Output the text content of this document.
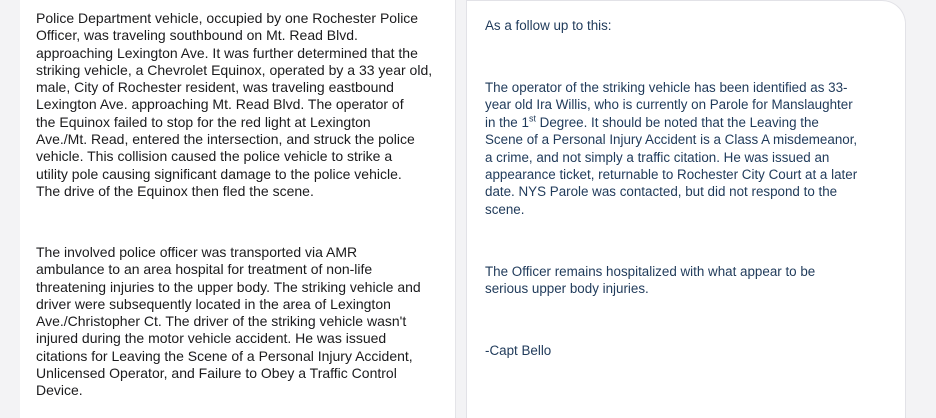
Police Department vehicle, occupied by one Rochester Police
Officer, was traveling southbound on Mt. Read Blvd.
approaching Lexington Ave. It was further determined that the
striking vehicle, a Chevrolet Equinox, operated by a 33 year old,
male, City of Rochester resident, was traveling eastbound
Lexington Ave. approaching Mt. Read Blvd. The operator of
the Equinox failed to stop for the red light at Lexington
Ave./Mt. Read, entered the intersection, and struck the police
vehicle. This collision caused the police vehicle to strike a
utility pole causing significant damage to the police vehicle.
The drive of the Equinox then fled the scene.

The involved police officer was transported via AMR
ambulance to an area hospital for treatment of non-life
threatening injuries to the upper body. The striking vehicle and
driver were subsequently located in the area of Lexington
Ave./Christopher Ct. The driver of the striking vehicle wasn't
injured during the motor vehicle accident. He was issued
citations for Leaving the Scene of a Personal Injury Accident,
Unlicensed Operator, and Failure to Obey a Traffic Control
Device.

As a follow up to this:

The operator of the striking vehicle has been identified as 33-
year old Ira Willis, who is currently on Parole for Manslaughter
in the 1st Degree. It should be noted that the Leaving the
Scene of a Personal Injury Accident is a Class A misdemeanor,
a crime, and not simply a traffic citation. He was issued an
appearance ticket, returnable to Rochester City Court at a later
date. NYS Parole was contacted, but did not respond to the
scene.

The Officer remains hospitalized with what appear to be
serious upper body injuries.

-Capt Bello
